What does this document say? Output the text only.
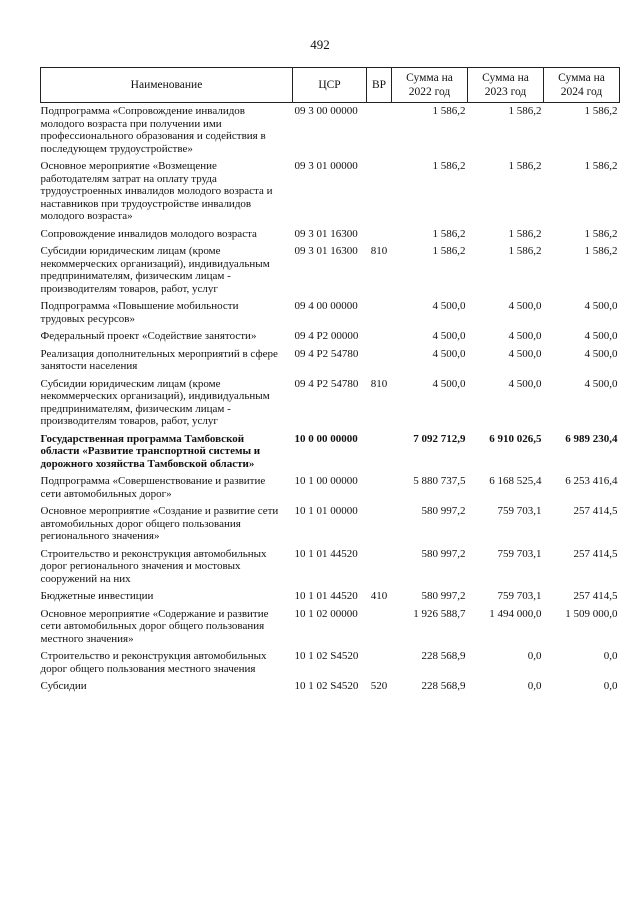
492
Наименование	ЦСР	ВР	Сумма на 2022 год	Сумма на 2023 год	Сумма на 2024 год
Подпрограмма «Сопровождение инвалидов молодого возраста при получении ими профессионального образования и содействия в последующем трудоустройстве»	09 3 00 00000		1 586,2	1 586,2	1 586,2
Основное мероприятие «Возмещение работодателям затрат на оплату труда трудоустроенных инвалидов молодого возраста и наставников при трудоустройстве инвалидов молодого возраста»	09 3 01 00000		1 586,2	1 586,2	1 586,2
Сопровождение инвалидов молодого возраста	09 3 01 16300		1 586,2	1 586,2	1 586,2
Субсидии юридическим лицам (кроме некоммерческих организаций), индивидуальным предпринимателям, физическим лицам - производителям товаров, работ, услуг	09 3 01 16300	810	1 586,2	1 586,2	1 586,2
Подпрограмма «Повышение мобильности трудовых ресурсов»	09 4 00 00000		4 500,0	4 500,0	4 500,0
Федеральный проект «Содействие занятости»	09 4 P2 00000		4 500,0	4 500,0	4 500,0
Реализация дополнительных мероприятий в сфере занятости населения	09 4 P2 54780		4 500,0	4 500,0	4 500,0
Субсидии юридическим лицам (кроме некоммерческих организаций), индивидуальным предпринимателям, физическим лицам - производителям товаров, работ, услуг	09 4 P2 54780	810	4 500,0	4 500,0	4 500,0
Государственная программа Тамбовской области «Развитие транспортной системы и дорожного хозяйства Тамбовской области»	10 0 00 00000		7 092 712,9	6 910 026,5	6 989 230,4
Подпрограмма «Совершенствование и развитие сети автомобильных дорог»	10 1 00 00000		5 880 737,5	6 168 525,4	6 253 416,4
Основное мероприятие «Создание и развитие сети автомобильных дорог общего пользования регионального значения»	10 1 01 00000		580 997,2	759 703,1	257 414,5
Строительство и реконструкция автомобильных дорог регионального значения и мостовых сооружений на них	10 1 01 44520		580 997,2	759 703,1	257 414,5
Бюджетные инвестиции	10 1 01 44520	410	580 997,2	759 703,1	257 414,5
Основное мероприятие «Содержание и развитие сети автомобильных дорог общего пользования местного значения»	10 1 02 00000		1 926 588,7	1 494 000,0	1 509 000,0
Строительство и реконструкция автомобильных дорог общего пользования местного значения	10 1 02 S4520		228 568,9	0,0	0,0
Субсидии	10 1 02 S4520	520	228 568,9	0,0	0,0
